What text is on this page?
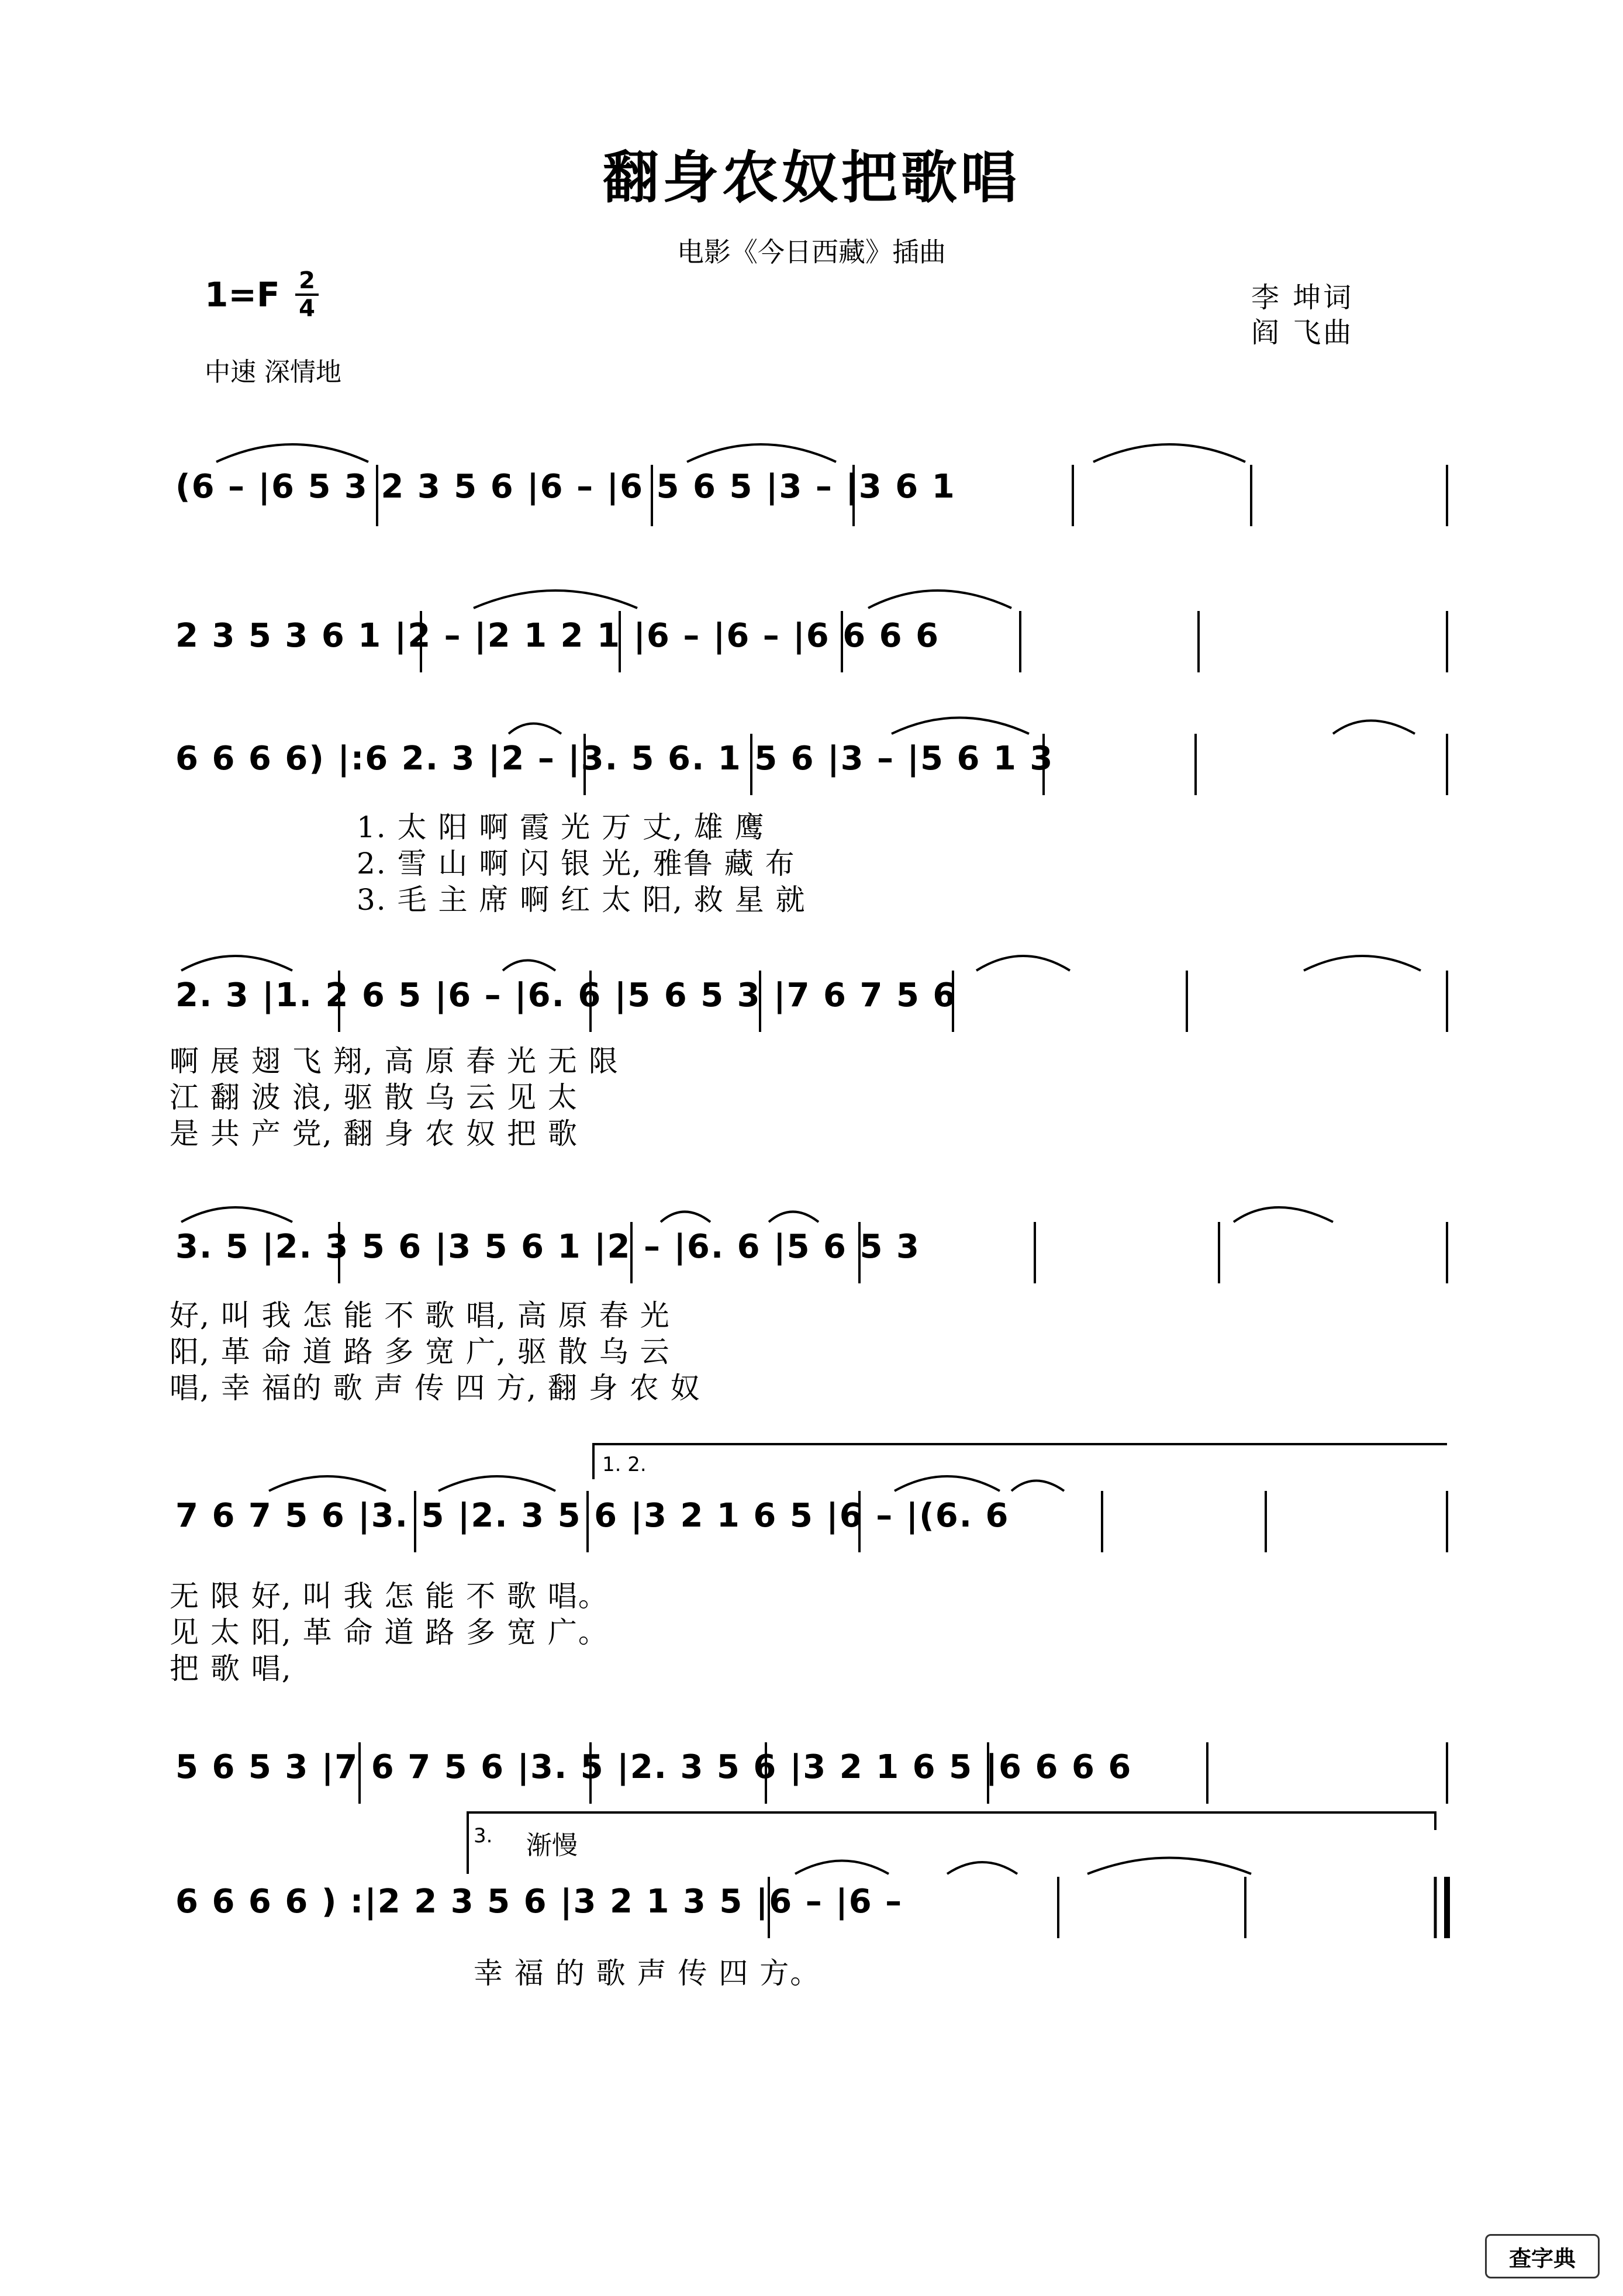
翻身农奴把歌唱
电影《今日西藏》插曲
1=F 2
4	李 坤词
阎 飞曲
中速 深情地
(6 – |6 5 3 2 3 5 6 |6 – |6 5 6 5 |3 – |3 6 1
2 3 5 3 6 1 |2 – |2 1 2 1 |6 – |6 – |6 6 6 6
6 6 6 6) |:6 2. 3 |2 – |3. 5 6. 1 5 6 |3 – |5 6 1 3
1. 太 阳 啊 霞 光 万 丈, 雄 鹰
2. 雪 山 啊 闪 银 光, 雅鲁 藏 布
3. 毛 主 席 啊 红 太 阳, 救 星 就
2. 3 |1. 2 6 5 |6 – |6. 6 |5 6 5 3 |7 6 7 5 6
啊 展 翅 飞 翔, 高 原 春 光 无 限
江 翻 波 浪, 驱 散 乌 云 见 太
是 共 产 党, 翻 身 农 奴 把 歌
3. 5 |2. 3 5 6 |3 5 6 1 |2 – |6. 6 |5 6 5 3
好, 叫 我 怎 能 不 歌 唱, 高 原 春 光
阳, 革 命 道 路 多 宽 广, 驱 散 乌 云
唱, 幸 福的 歌 声 传 四 方, 翻 身 农 奴
1. 2.
7 6 7 5 6 |3. 5 |2. 3 5 6 |3 2 1 6 5 |6 – |(6. 6
无 限 好, 叫 我 怎 能 不 歌 唱。
见 太 阳, 革 命 道 路 多 宽 广。
把 歌 唱,
5 6 5 3 |7 6 7 5 6 |3. 5 |2. 3 5 6 |3 2 1 6 5 |6 6 6 6
3. 渐慢
6 6 6 6 ) :|2 2 3 5 6 |3 2 1 3 5 |6 – |6 –
幸 福 的 歌 声 传 四 方。
查字典
